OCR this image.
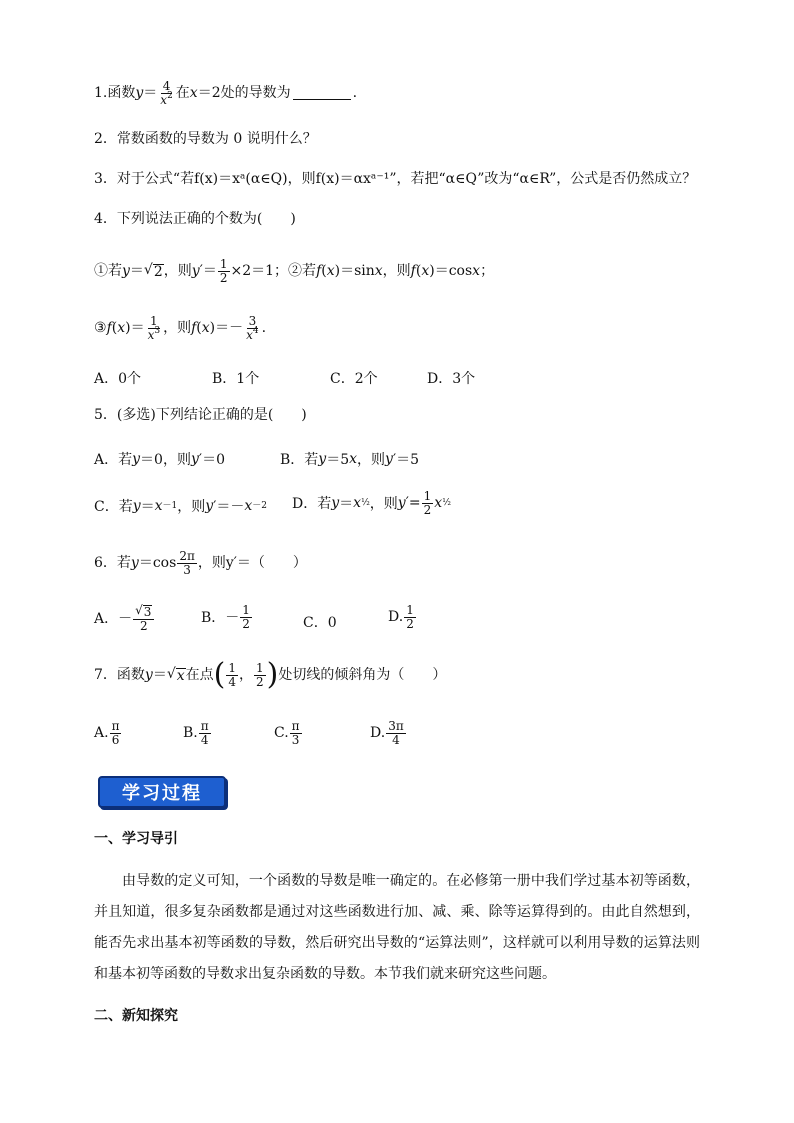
1.函数 $y = \frac{4}{x^2}$ 在 x ＝2 处的导数为	.
2．常数函数的导数为 0 说明什么？
3．对于公式“若f(x)＝xᵃ(α∈Q)，则f(x)＝αxᵃ⁻¹”，若把“α∈Q”改为“α∈R”，公式是否仍然成立？
4．下列说法正确的个数为(　　)
①若 y ＝ √ 2 ，则 y ′＝ $\frac{1}{2} \times 2=1$；②若 f ( x )＝sin x ，则 f ( x )＝cos x ；
③ f ( x )＝ $\frac{1}{x^3}$ ，则 f ( x )＝－ $\frac{3}{x^4}$ .
A．0个	B．1个	C．2个	D．3个
5．(多选)下列结论正确的是(　　)
A．若 y ＝0，则 y ′＝0	B．若 y ＝5 x ，则 y ′＝5
C．若 y ＝ x －1 ，则 y ′＝－ x －2 D．若 y ＝ x ½ ，则 y ′= $\frac{1}{2}$ x ½
6．若 $y =\cos \frac{2\pi}{3}$ ，则y′＝（　　）
A．－ $\frac{√ 3}{2}$	B．－ $\frac{1}{2}$	C．0	D. $\frac{1}{2}$
7．函数 y ＝ √ x 在点 ( $\frac{1}{4}$ ， $\frac{1}{2}$ ) 处切线的倾斜角为（　　）
A. $\frac{\pi}{6}$	B. $\frac{\pi}{4}$	C. $\frac{\pi}{3}$	D. $\frac{3\pi}{4}$
学习过程
一、学习导引
由导数的定义可知，一个函数的导数是唯一确定的。在必修第一册中我们学过基本初等函数，并且知道，很多复杂函数都是通过对这些函数进行加、减、乘、除等运算得到的。由此自然想到，能否先求出基本初等函数的导数，然后研究出导数的“运算法则”，这样就可以利用导数的运算法则和基本初等函数的导数求出复杂函数的导数。本节我们就来研究这些问题。
二、新知探究
